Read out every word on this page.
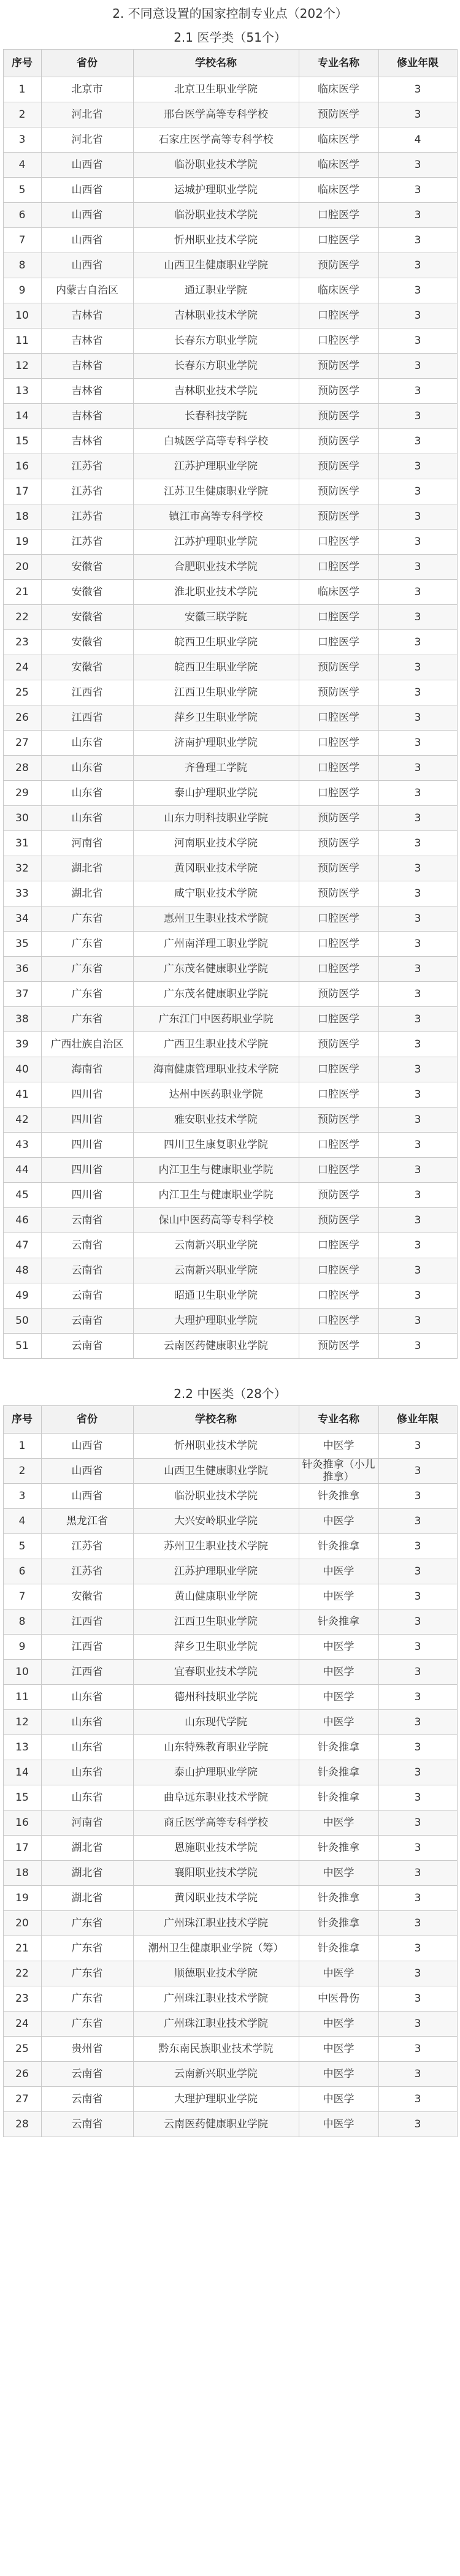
2. 不同意设置的国家控制专业点（202个）
2.1 医学类（51个）
序号	省份	学校名称	专业名称	修业年限
1	北京市	北京卫生职业学院	临床医学	3
2	河北省	邢台医学高等专科学校	预防医学	3
3	河北省	石家庄医学高等专科学校	临床医学	4
4	山西省	临汾职业技术学院	临床医学	3
5	山西省	运城护理职业学院	临床医学	3
6	山西省	临汾职业技术学院	口腔医学	3
7	山西省	忻州职业技术学院	口腔医学	3
8	山西省	山西卫生健康职业学院	预防医学	3
9	内蒙古自治区	通辽职业学院	临床医学	3
10	吉林省	吉林职业技术学院	口腔医学	3
11	吉林省	长春东方职业学院	口腔医学	3
12	吉林省	长春东方职业学院	预防医学	3
13	吉林省	吉林职业技术学院	预防医学	3
14	吉林省	长春科技学院	预防医学	3
15	吉林省	白城医学高等专科学校	预防医学	3
16	江苏省	江苏护理职业学院	预防医学	3
17	江苏省	江苏卫生健康职业学院	预防医学	3
18	江苏省	镇江市高等专科学校	预防医学	3
19	江苏省	江苏护理职业学院	口腔医学	3
20	安徽省	合肥职业技术学院	口腔医学	3
21	安徽省	淮北职业技术学院	临床医学	3
22	安徽省	安徽三联学院	口腔医学	3
23	安徽省	皖西卫生职业学院	口腔医学	3
24	安徽省	皖西卫生职业学院	预防医学	3
25	江西省	江西卫生职业学院	预防医学	3
26	江西省	萍乡卫生职业学院	口腔医学	3
27	山东省	济南护理职业学院	口腔医学	3
28	山东省	齐鲁理工学院	口腔医学	3
29	山东省	泰山护理职业学院	口腔医学	3
30	山东省	山东力明科技职业学院	预防医学	3
31	河南省	河南职业技术学院	预防医学	3
32	湖北省	黄冈职业技术学院	预防医学	3
33	湖北省	咸宁职业技术学院	预防医学	3
34	广东省	惠州卫生职业技术学院	口腔医学	3
35	广东省	广州南洋理工职业学院	口腔医学	3
36	广东省	广东茂名健康职业学院	口腔医学	3
37	广东省	广东茂名健康职业学院	预防医学	3
38	广东省	广东江门中医药职业学院	口腔医学	3
39	广西壮族自治区	广西卫生职业技术学院	预防医学	3
40	海南省	海南健康管理职业技术学院	口腔医学	3
41	四川省	达州中医药职业学院	口腔医学	3
42	四川省	雅安职业技术学院	预防医学	3
43	四川省	四川卫生康复职业学院	口腔医学	3
44	四川省	内江卫生与健康职业学院	口腔医学	3
45	四川省	内江卫生与健康职业学院	预防医学	3
46	云南省	保山中医药高等专科学校	预防医学	3
47	云南省	云南新兴职业学院	口腔医学	3
48	云南省	云南新兴职业学院	口腔医学	3
49	云南省	昭通卫生职业学院	口腔医学	3
50	云南省	大理护理职业学院	口腔医学	3
51	云南省	云南医药健康职业学院	预防医学	3
2.2 中医类（28个）
序号	省份	学校名称	专业名称	修业年限
1	山西省	忻州职业技术学院	中医学	3
2	山西省	山西卫生健康职业学院	针灸推拿（小儿推拿）	3
3	山西省	临汾职业技术学院	针灸推拿	3
4	黑龙江省	大兴安岭职业学院	中医学	3
5	江苏省	苏州卫生职业技术学院	针灸推拿	3
6	江苏省	江苏护理职业学院	中医学	3
7	安徽省	黄山健康职业学院	中医学	3
8	江西省	江西卫生职业学院	针灸推拿	3
9	江西省	萍乡卫生职业学院	中医学	3
10	江西省	宜春职业技术学院	中医学	3
11	山东省	德州科技职业学院	中医学	3
12	山东省	山东现代学院	中医学	3
13	山东省	山东特殊教育职业学院	针灸推拿	3
14	山东省	泰山护理职业学院	针灸推拿	3
15	山东省	曲阜远东职业技术学院	针灸推拿	3
16	河南省	商丘医学高等专科学校	中医学	3
17	湖北省	恩施职业技术学院	针灸推拿	3
18	湖北省	襄阳职业技术学院	中医学	3
19	湖北省	黄冈职业技术学院	针灸推拿	3
20	广东省	广州珠江职业技术学院	针灸推拿	3
21	广东省	潮州卫生健康职业学院（筹）	针灸推拿	3
22	广东省	顺德职业技术学院	中医学	3
23	广东省	广州珠江职业技术学院	中医骨伤	3
24	广东省	广州珠江职业技术学院	中医学	3
25	贵州省	黔东南民族职业技术学院	中医学	3
26	云南省	云南新兴职业学院	中医学	3
27	云南省	大理护理职业学院	中医学	3
28	云南省	云南医药健康职业学院	中医学	3
